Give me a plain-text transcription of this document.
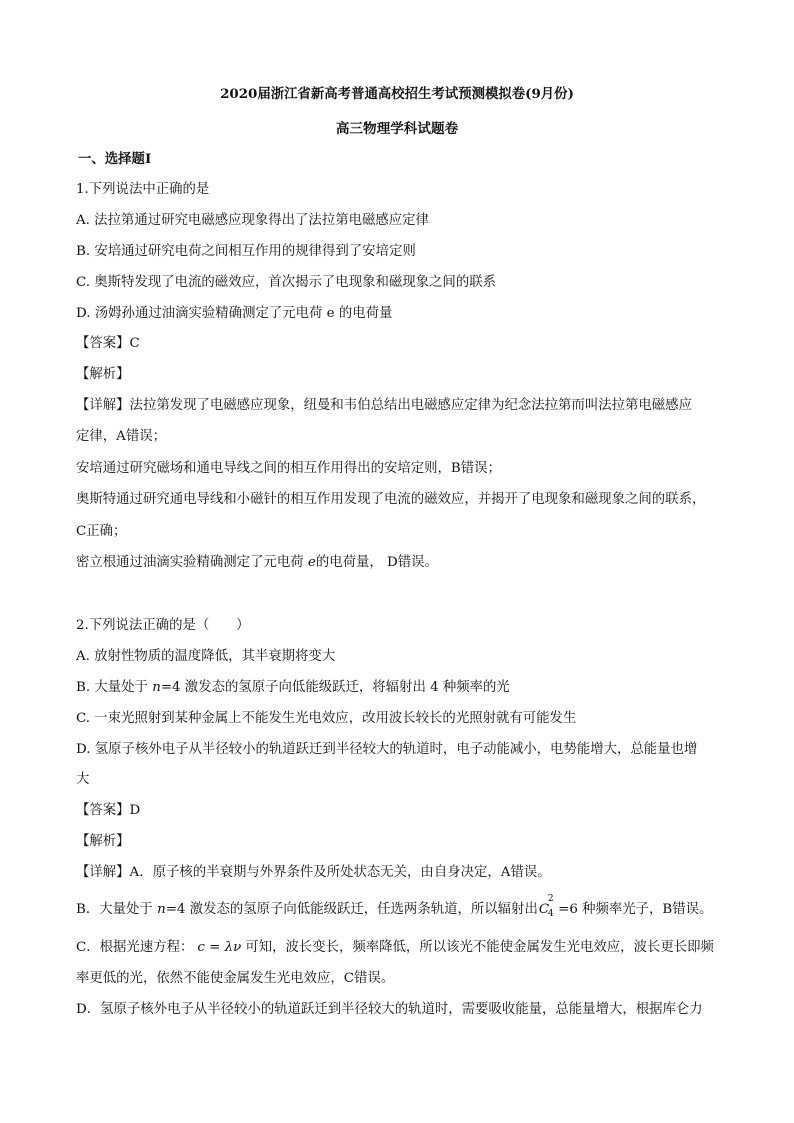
2020届浙江省新高考普通高校招生考试预测模拟卷(9月份)
高三物理学科试题卷
一、选择题Ⅰ
1.下列说法中正确的是
A. 法拉第通过研究电磁感应现象得出了法拉第电磁感应定律
B. 安培通过研究电荷之间相互作用的规律得到了安培定则
C. 奥斯特发现了电流的磁效应，首次揭示了电现象和磁现象之间的联系
D. 汤姆孙通过油滴实验精确测定了元电荷 e 的电荷量
【答案】C
【解析】
【详解】法拉第发现了电磁感应现象，纽曼和韦伯总结出电磁感应定律为纪念法拉第而叫法拉第电磁感应
定律，A错误；
安培通过研究磁场和通电导线之间的相互作用得出的安培定则，B错误；
奥斯特通过研究通电导线和小磁针的相互作用发现了电流的磁效应，并揭开了电现象和磁现象之间的联系，
C正确；
密立根通过油滴实验精确测定了元电荷 e的电荷量， D错误。
2.下列说法正确的是（　　）
A. 放射性物质的温度降低，其半衰期将变大
B. 大量处于 n=4 激发态的氢原子向低能级跃迁，将辐射出 4 种频率的光
C. 一束光照射到某种金属上不能发生光电效应，改用波长较长的光照射就有可能发生
D. 氢原子核外电子从半径较小的轨道跃迁到半径较大的轨道时，电子动能减小，电势能增大，总能量也增
大
【答案】D
【解析】
【详解】A．原子核的半衰期与外界条件及所处状态无关，由自身决定，A错误。
B．大量处于 n=4 激发态的氢原子向低能级跃迁，任选两条轨道，所以辐射出C
2
4 =6 种频率光子，B错误。
C．根据光速方程： c = λν 可知，波长变长，频率降低，所以该光不能使金属发生光电效应，波长更长即频
率更低的光，依然不能使金属发生光电效应，C错误。
D．氢原子核外电子从半径较小的轨道跃迁到半径较大的轨道时，需要吸收能量，总能量增大，根据库仑力
